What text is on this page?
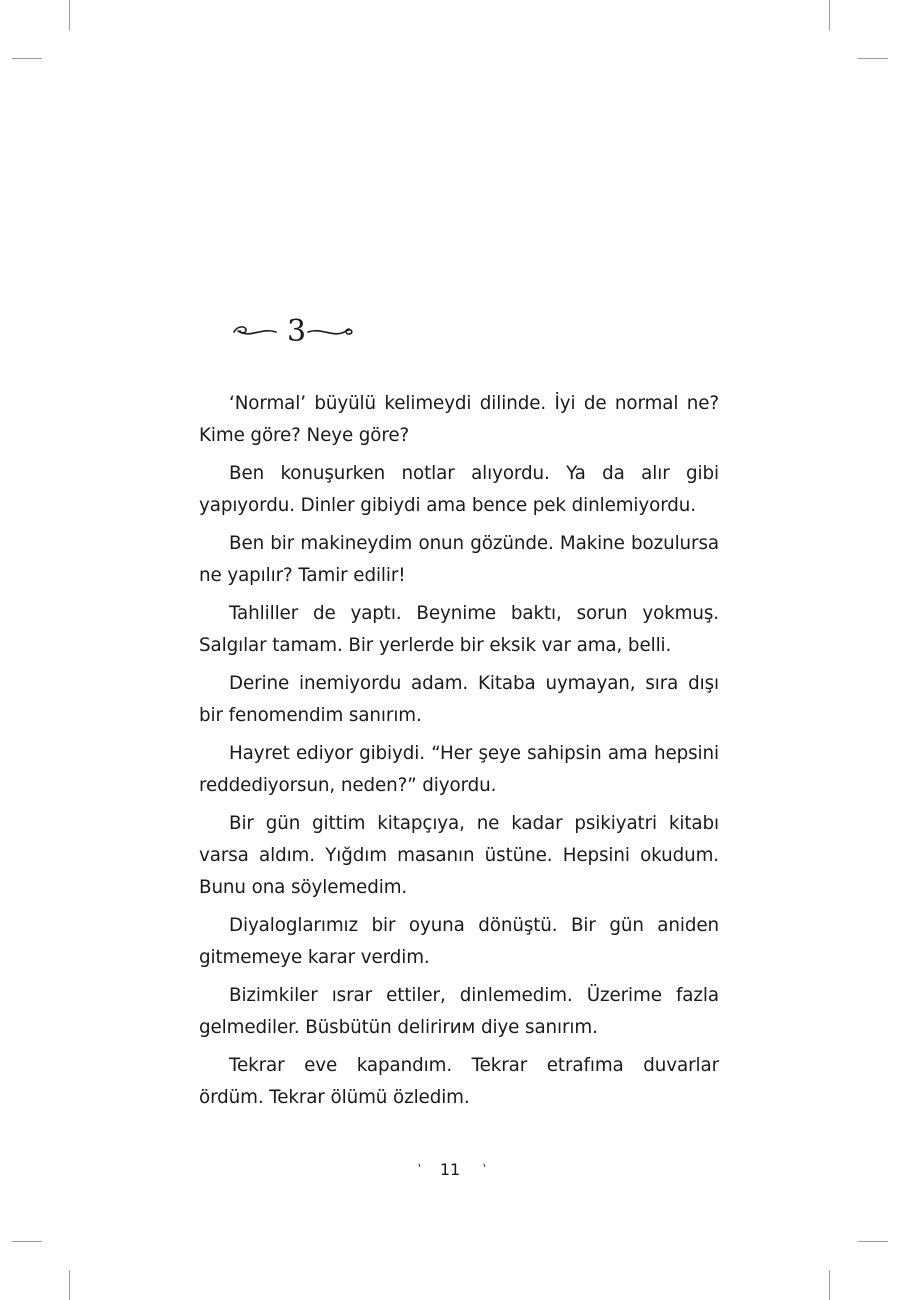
3

‘Normal’ büyülü kelimeydi dilinde. İyi de normal ne? Kime göre? Neye göre?

Ben konuşurken notlar alıyordu. Ya da alır gibi yapıyordu. Dinler gibiydi ama bence pek dinlemiyordu.

Ben bir makineydim onun gözünde. Makine bozulursa ne yapılır? Tamir edilir!

Tahliller de yaptı. Beynime baktı, sorun yokmuş. Salgılar tamam. Bir yerlerde bir eksik var ama, belli.

Derine inemiyordu adam. Kitaba uymayan, sıra dışı bir fenomendim sanırım.

Hayret ediyor gibiydi. “Her şeye sahipsin ama hepsini reddediyorsun, neden?” diyordu.

Bir gün gittim kitapçıya, ne kadar psikiyatri kitabı varsa aldım. Yığdım masanın üstüne. Hepsini okudum. Bunu ona söylemedim.

Diyaloglarımız bir oyuna dönüştü. Bir gün aniden gitmemeye karar verdim.

Bizimkiler ısrar ettiler, dinlemedim. Üzerime fazla gelmediler. Büsbütün delirirим diye sanırım.

Tekrar eve kapandım. Tekrar etrafıma duvarlar ördüm. Tekrar ölümü özledim.

` 11 `
